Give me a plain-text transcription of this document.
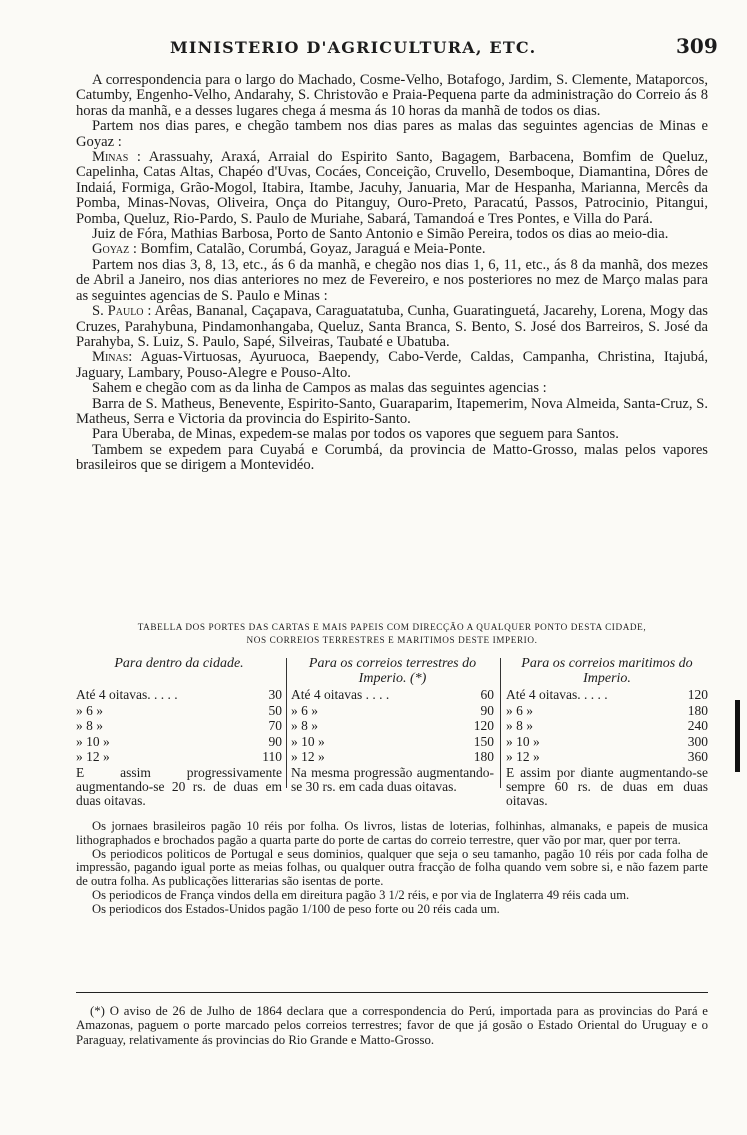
MINISTERIO D'AGRICULTURA, ETC.	309

A correspondencia para o largo do Machado, Cosme-Velho, Botafogo, Jardim, S. Clemente, Mataporcos, Catumby, Engenho-Velho, Andarahy, S. Christovão e Praia-Pequena parte da administração do Correio ás 8 horas da manhã, e a desses lugares chega á mesma ás 10 horas da manhã de todos os dias.

Partem nos dias pares, e chegão tambem nos dias pares as malas das seguintes agencias de Minas e Goyaz :

Minas : Arassuahy, Araxá, Arraial do Espirito Santo, Bagagem, Barbacena, Bomfim de Queluz, Capelinha, Catas Altas, Chapéo d'Uvas, Cocáes, Conceição, Cruvello, Desemboque, Diamantina, Dôres de Indaiá, Formiga, Grão-Mogol, Itabira, Itambe, Jacuhy, Januaria, Mar de Hespanha, Marianna, Mercês da Pomba, Minas-Novas, Oliveira, Onça do Pitanguy, Ouro-Preto, Paracatú, Passos, Patrocinio, Pitangui, Pomba, Queluz, Rio-Pardo, S. Paulo de Muriahe, Sabará, Tamandoá e Tres Pontes, e Villa do Pará.

Juiz de Fóra, Mathias Barbosa, Porto de Santo Antonio e Simão Pereira, todos os dias ao meio-dia.

Goyaz : Bomfim, Catalão, Corumbá, Goyaz, Jaraguá e Meia-Ponte.

Partem nos dias 3, 8, 13, etc., ás 6 da manhã, e chegão nos dias 1, 6, 11, etc., ás 8 da manhã, dos mezes de Abril a Janeiro, nos dias anteriores no mez de Fevereiro, e nos posteriores no mez de Março malas para as seguintes agencias de S. Paulo e Minas :

S. Paulo : Arêas, Bananal, Caçapava, Caraguatatuba, Cunha, Guaratinguetá, Jacarehy, Lorena, Mogy das Cruzes, Parahybuna, Pindamonhangaba, Queluz, Santa Branca, S. Bento, S. José dos Barreiros, S. José da Parahyba, S. Luiz, S. Paulo, Sapé, Silveiras, Taubaté e Ubatuba.

Minas: Aguas-Virtuosas, Ayuruoca, Baependy, Cabo-Verde, Caldas, Campanha, Christina, Itajubá, Jaguary, Lambary, Pouso-Alegre e Pouso-Alto.

Sahem e chegão com as da linha de Campos as malas das seguintes agencias :

Barra de S. Matheus, Benevente, Espirito-Santo, Guaraparim, Itapemerim, Nova Almeida, Santa-Cruz, S. Matheus, Serra e Victoria da provincia do Espirito-Santo.

Para Uberaba, de Minas, expedem-se malas por todos os vapores que seguem para Santos.

Tambem se expedem para Cuyabá e Corumbá, da provincia de Matto-Grosso, malas pelos vapores brasileiros que se dirigem a Montevidéo.

TABELLA DOS PORTES DAS CARTAS E MAIS PAPEIS COM DIRECÇÃO A QUALQUER PONTO DESTA CIDADE,
NOS CORREIOS TERRESTRES E MARITIMOS DESTE IMPERIO.
Para dentro da cidade.
Até 4 oitavas. . . . .	30
» 6 »	50
» 8 »	70
» 10 »	90
» 12 »	110
E assim progressivamente augmentando-se 20 rs. de duas em duas oitavas.
Para os correios terrestres do Imperio. (*)
Até 4 oitavas . . . .	60
» 6 »	90
» 8 »	120
» 10 »	150
» 12 »	180
Na mesma progressão augmentando-se 30 rs. em cada duas oitavas.
Para os correios maritimos do Imperio.
Até 4 oitavas. . . . .	120
» 6 »	180
» 8 »	240
» 10 »	300
» 12 »	360
E assim por diante augmentando-se sempre 60 rs. de duas em duas oitavas.

Os jornaes brasileiros pagão 10 réis por folha. Os livros, listas de loterias, folhinhas, almanaks, e papeis de musica lithographados e brochados pagão a quarta parte do porte de cartas do correio terrestre, quer vão por mar, quer por terra.

Os periodicos politicos de Portugal e seus dominios, qualquer que seja o seu tamanho, pagão 10 réis por cada folha de impressão, pagando igual porte as meias folhas, ou qualquer outra fracção de folha quando vem sobre si, e não fazem parte de outra folha. As publicações litterarias são isentas de porte.

Os periodicos de França vindos della em direitura pagão 3 1/2 réis, e por via de Inglaterra 49 réis cada um.

Os periodicos dos Estados-Unidos pagão 1/100 de peso forte ou 20 réis cada um.

(*) O aviso de 26 de Julho de 1864 declara que a correspondencia do Perú, importada para as provincias do Pará e Amazonas, paguem o porte marcado pelos correios terrestres; favor de que já gosão o Estado Oriental do Uruguay e o Paraguay, relativamente ás provincias do Rio Grande e Matto-Grosso.
